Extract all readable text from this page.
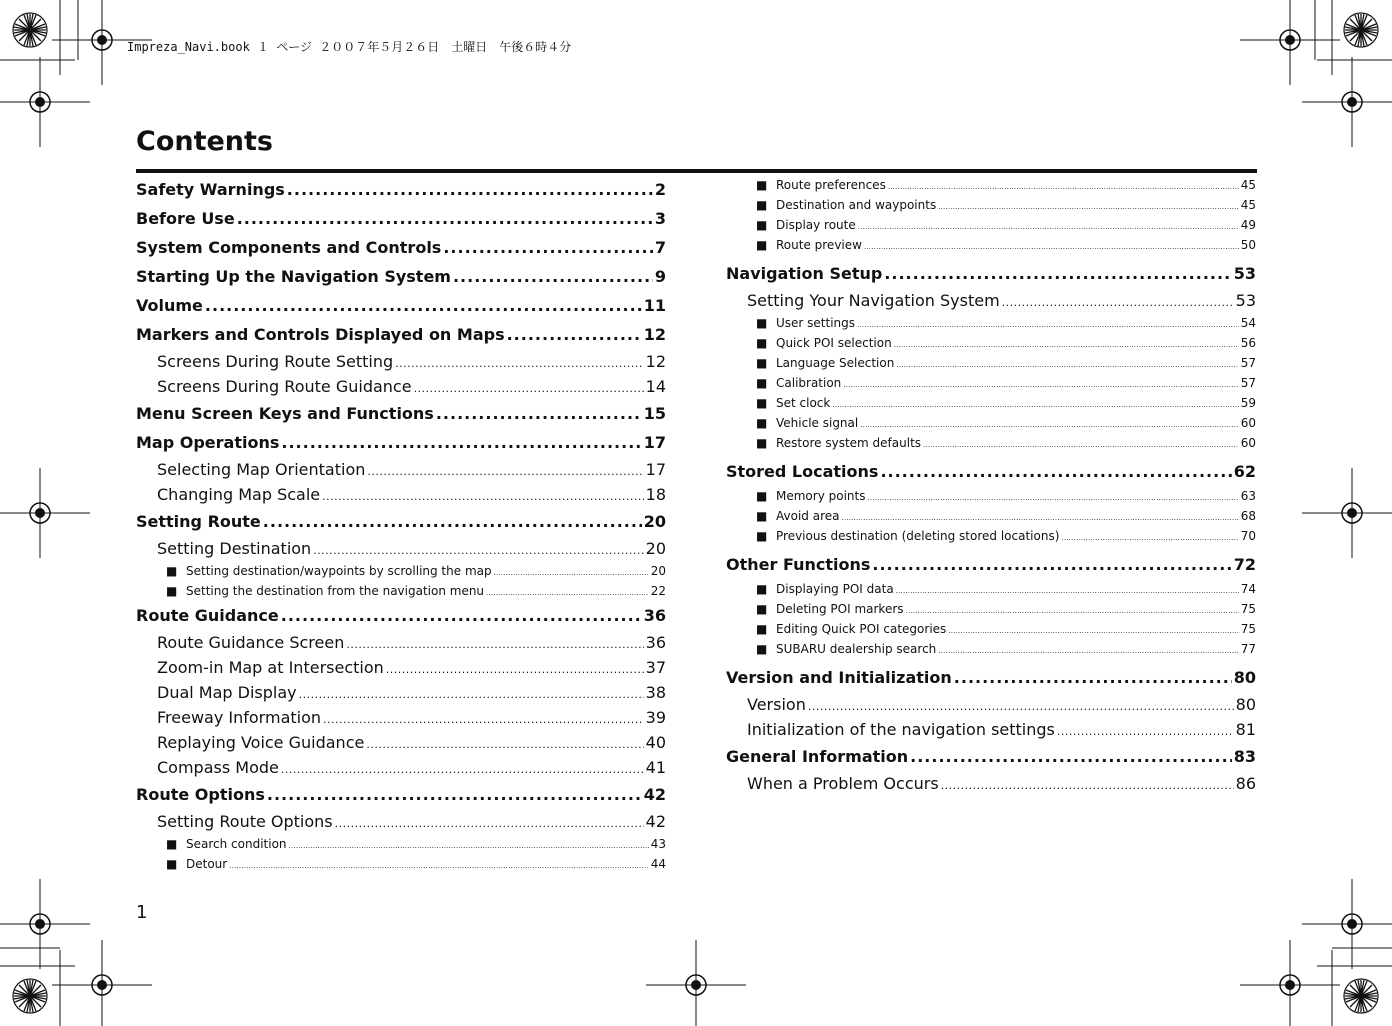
Impreza_Navi.book １ ページ ２００７年５月２６日　土曜日　午後６時４分
Contents
Safety Warnings .....	2
Before Use .....	3
System Components and Controls .....	7
Starting Up the Navigation System .....	9
Volume .....	11
Markers and Controls Displayed on Maps .....	12
Screens During Route Setting .....	12
Screens During Route Guidance .....	14
Menu Screen Keys and Functions .....	15
Map Operations .....	17
Selecting Map Orientation .....	17
Changing Map Scale .....	18
Setting Route .....	20
Setting Destination .....	20
■ Setting destination/waypoints by scrolling the map .....	20
■ Setting the destination from the navigation menu .....	22
Route Guidance .....	36
Route Guidance Screen .....	36
Zoom-in Map at Intersection .....	37
Dual Map Display .....	38
Freeway Information .....	39
Replaying Voice Guidance .....	40
Compass Mode .....	41
Route Options .....	42
Setting Route Options .....	42
■ Search condition .....	43
■ Detour .....	44
■ Route preferences .....	45
■ Destination and waypoints .....	45
■ Display route .....	49
■ Route preview .....	50
Navigation Setup .....	53
Setting Your Navigation System .....	53
■ User settings .....	54
■ Quick POI selection .....	56
■ Language Selection .....	57
■ Calibration .....	57
■ Set clock .....	59
■ Vehicle signal .....	60
■ Restore system defaults .....	60
Stored Locations .....	62
■ Memory points .....	63
■ Avoid area .....	68
■ Previous destination (deleting stored locations) .....	70
Other Functions .....	72
■ Displaying POI data .....	74
■ Deleting POI markers .....	75
■ Editing Quick POI categories .....	75
■ SUBARU dealership search .....	77
Version and Initialization .....	80
Version .....	80
Initialization of the navigation settings .....	81
General Information .....	83
When a Problem Occurs .....	86
1
